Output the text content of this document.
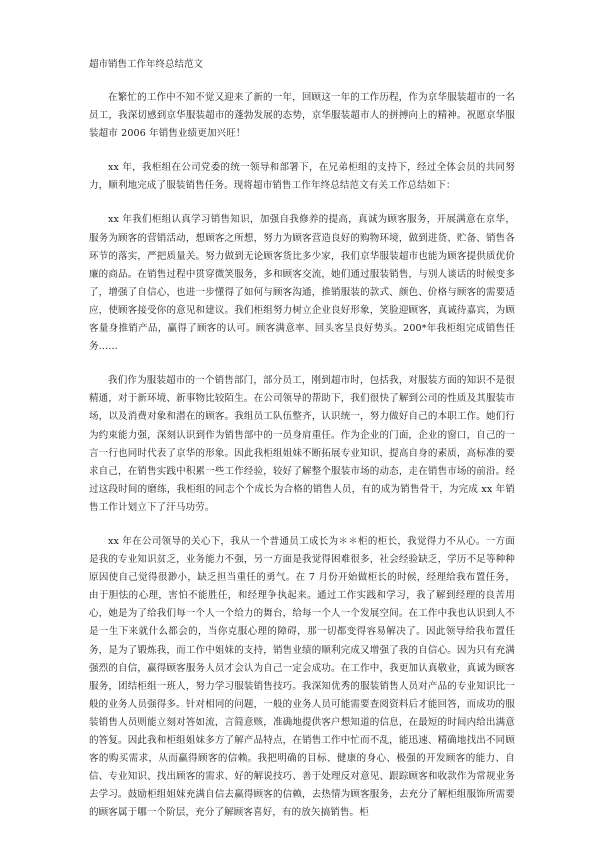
超市销售工作年终总结范文

在繁忙的工作中不知不觉又迎来了新的一年，回顾这一年的工作历程，作为京华服装超市的一名员工，我深切感到京华服装超市的蓬勃发展的态势，京华服装超市人的拼搏向上的精神。祝愿京华服装超市 2006 年销售业绩更加兴旺！

xx 年，我柜组在公司党委的统一领导和部署下，在兄弟柜组的支持下，经过全体会员的共同努力，顺利地完成了服装销售任务。现将超市销售工作年终总结范文有关工作总结如下：

xx 年我们柜组认真学习销售知识，加强自我修养的提高，真诚为顾客服务，开展满意在京华，服务为顾客的营销活动，想顾客之所想，努力为顾客营造良好的购物环境，做到进货、贮备、销售各环节的落实，严把质量关。努力做到无论顾客货比多少家，我们京华服装超市也能为顾客提供质优价廉的商品。在销售过程中贯穿微笑服务，多和顾客交流，她们通过服装销售，与别人谈话的时候变多了，增强了自信心，也进一步懂得了如何与顾客沟通，推销服装的款式、颜色、价格与顾客的需要适应，使顾客接受你的意见和建议。我们柜组努力树立企业良好形象，笑脸迎顾客，真诚待嘉宾，为顾客量身推销产品，赢得了顾客的认可。顾客满意率、回头客呈良好势头。200*年我柜组完成销售任务……

我们作为服装超市的一个销售部门，部分员工，刚到超市时，包括我，对服装方面的知识不是很精通，对于新环境、新事物比较陌生。在公司领导的帮助下，我们很快了解到公司的性质及其服装市场，以及消费对象和潜在的顾客。我组员工队伍整齐，认识统一，努力做好自己的本职工作。她们行为约束能力强，深刻认识到作为销售部中的一员身肩重任。作为企业的门面，企业的窗口，自己的一言一行也同时代表了京华的形象。因此我柜组姐妹不断拓展专业知识，提高自身的素质，高标准的要求自己，在销售实践中积累一些工作经验，较好了解整个服装市场的动态，走在销售市场的前沿。经过这段时间的磨练，我柜组的同志个个成长为合格的销售人员，有的成为销售骨干，为完成 xx 年销售工作计划立下了汗马功劳。

xx 年在公司领导的关心下，我从一个普通员工成长为＊＊柜的柜长，我觉得力不从心。一方面是我的专业知识贫乏，业务能力不强，另一方面是我觉得困难很多，社会经验缺乏，学历不足等种种原因使自己觉得很渺小，缺乏担当重任的勇气。在 7 月份开始做柜长的时候，经理给我布置任务，由于胆怯的心理，害怕不能胜任，和经理争执起来。通过工作实践和学习，我了解到经理的良苦用心，她是为了给我们每一个人一个给力的舞台，给每一个人一个发展空间。在工作中我也认识到人不是一生下来就什么都会的，当你克服心理的障碍，那一切都变得容易解决了。因此领导给我布置任务，是为了锻炼我，而工作中姐妹的支持，销售业绩的顺利完成又增强了我的自信心。因为只有充满强烈的自信，赢得顾客服务人员才会认为自己一定会成功。在工作中，我更加认真敬业，真诚为顾客服务，团结柜组一班人，努力学习服装销售技巧。我深知优秀的服装销售人员对产品的专业知识比一般的业务人员强得多。针对相同的问题，一般的业务人员可能需要查阅资料后才能回答，而成功的服装销售人员则能立刻对答如流，言简意赅，准确地提供客户想知道的信息，在最短的时间内给出满意的答复。因此我和柜组姐妹多方了解产品特点，在销售工作中忙而不乱，能迅速、精确地找出不同顾客的购买需求，从而赢得顾客的信赖。我把明确的目标、健康的身心、极强的开发顾客的能力、自信、专业知识、找出顾客的需求、好的解说技巧、善于处理反对意见、跟踪顾客和收款作为常规业务去学习。鼓励柜组姐妹充满自信去赢得顾客的信赖，去热情为顾客服务，去充分了解柜组服饰所需要的顾客属于哪一个阶层，充分了解顾客喜好，有的放矢搞销售。柜
